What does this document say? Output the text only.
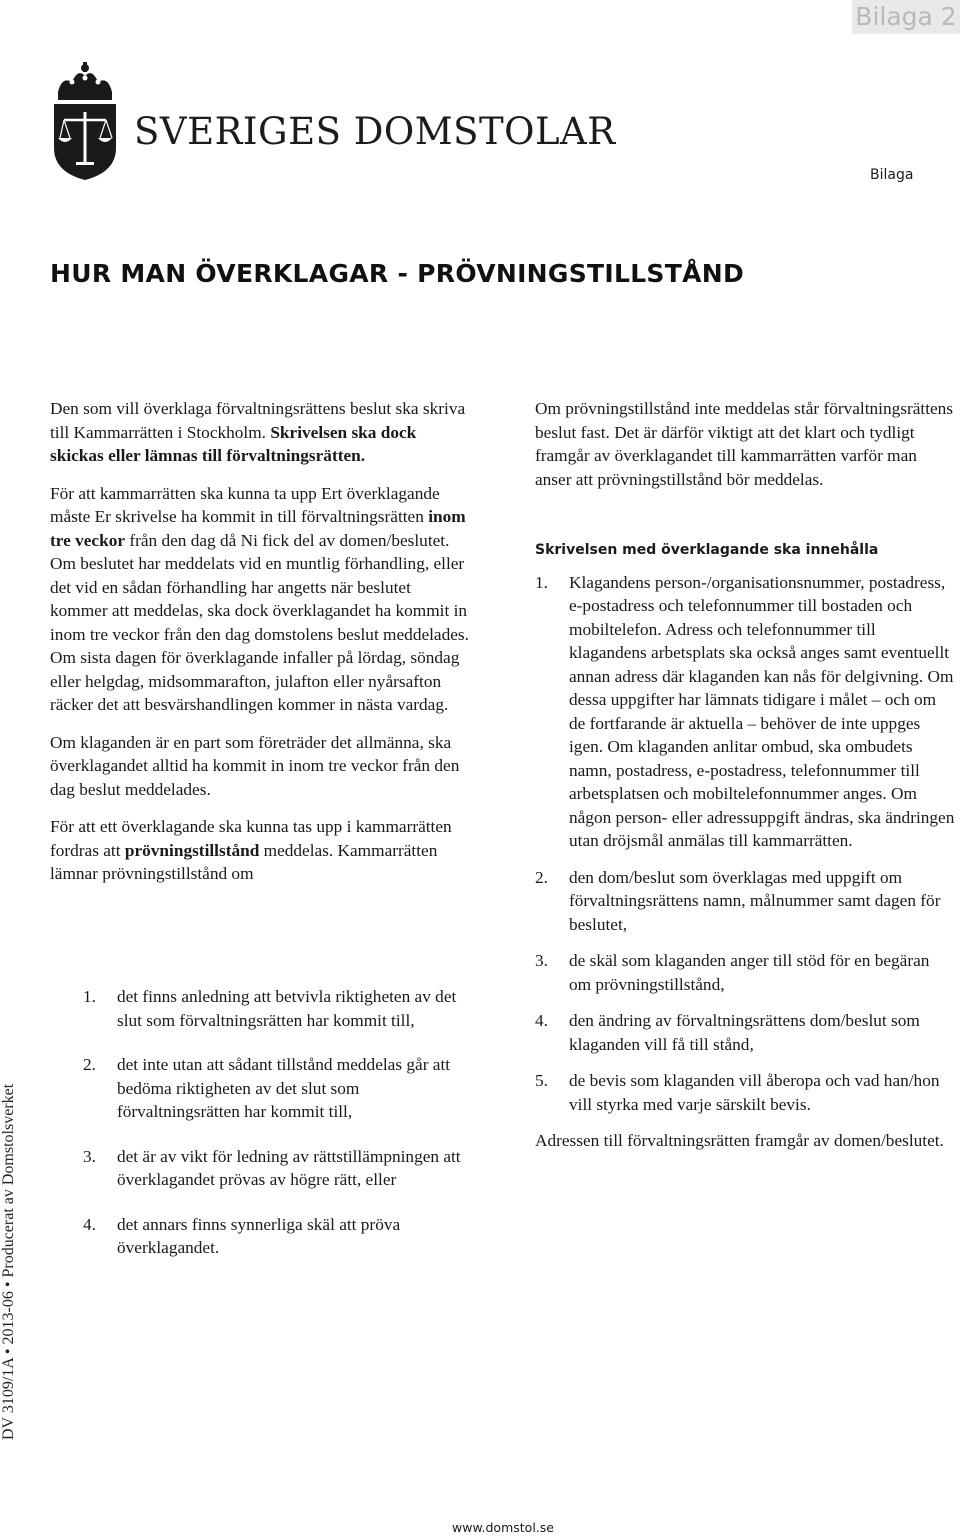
Bilaga 2
SVERIGES DOMSTOLAR
Bilaga
HUR MAN ÖVERKLAGAR - PRÖVNINGSTILLSTÅND

Den som vill överklaga förvaltningsrättens beslut ska skriva till Kammarrätten i Stockholm. Skrivelsen ska dock skickas eller lämnas till förvaltningsrätten.

För att kammarrätten ska kunna ta upp Ert överklagande måste Er skrivelse ha kommit in till förvaltningsrätten inom tre veckor från den dag då Ni fick del av domen/beslutet. Om beslutet har meddelats vid en muntlig förhandling, eller det vid en sådan förhandling har angetts när beslutet kommer att meddelas, ska dock överklagandet ha kommit in inom tre veckor från den dag domstolens beslut meddelades. Om sista dagen för överklagande infaller på lördag, söndag eller helgdag, midsommarafton, julafton eller nyårsafton räcker det att besvärshandlingen kommer in nästa vardag.

Om klaganden är en part som företräder det allmänna, ska överklagandet alltid ha kommit in inom tre veckor från den dag beslut meddelades.

För att ett överklagande ska kunna tas upp i kammarrätten fordras att prövningstillstånd meddelas. Kammarrätten lämnar prövningstillstånd om

1. det finns anledning att betvivla riktigheten av det slut som förvaltningsrätten har kommit till,
2. det inte utan att sådant tillstånd meddelas går att bedöma riktigheten av det slut som förvaltningsrätten har kommit till,
3. det är av vikt för ledning av rättstillämpningen att överklagandet prövas av högre rätt, eller
4. det annars finns synnerliga skäl att pröva överklagandet.

Om prövningstillstånd inte meddelas står förvaltningsrättens beslut fast. Det är därför viktigt att det klart och tydligt framgår av överklagandet till kammarrätten varför man anser att prövningstillstånd bör meddelas.

Skrivelsen med överklagande ska innehålla

1. Klagandens person-/organisationsnummer, postadress, e-postadress och telefonnummer till bostaden och mobiltelefon. Adress och telefonnummer till klagandens arbetsplats ska också anges samt eventuellt annan adress där klaganden kan nås för delgivning. Om dessa uppgifter har lämnats tidigare i målet – och om de fortfarande är aktuella – behöver de inte uppges igen. Om klaganden anlitar ombud, ska ombudets namn, postadress, e-postadress, telefonnummer till arbetsplatsen och mobiltelefonnummer anges. Om någon person- eller adressuppgift ändras, ska ändringen utan dröjsmål anmälas till kammarrätten.
2. den dom/beslut som överklagas med uppgift om förvaltningsrättens namn, målnummer samt dagen för beslutet,
3. de skäl som klaganden anger till stöd för en begäran om prövningstillstånd,
4. den ändring av förvaltningsrättens dom/beslut som klaganden vill få till stånd,
5. de bevis som klaganden vill åberopa och vad han/hon vill styrka med varje särskilt bevis.

Adressen till förvaltningsrätten framgår av domen/beslutet.

DV 3109/1A • 2013-06 • Producerat av Domstolsverket
www.domstol.se
